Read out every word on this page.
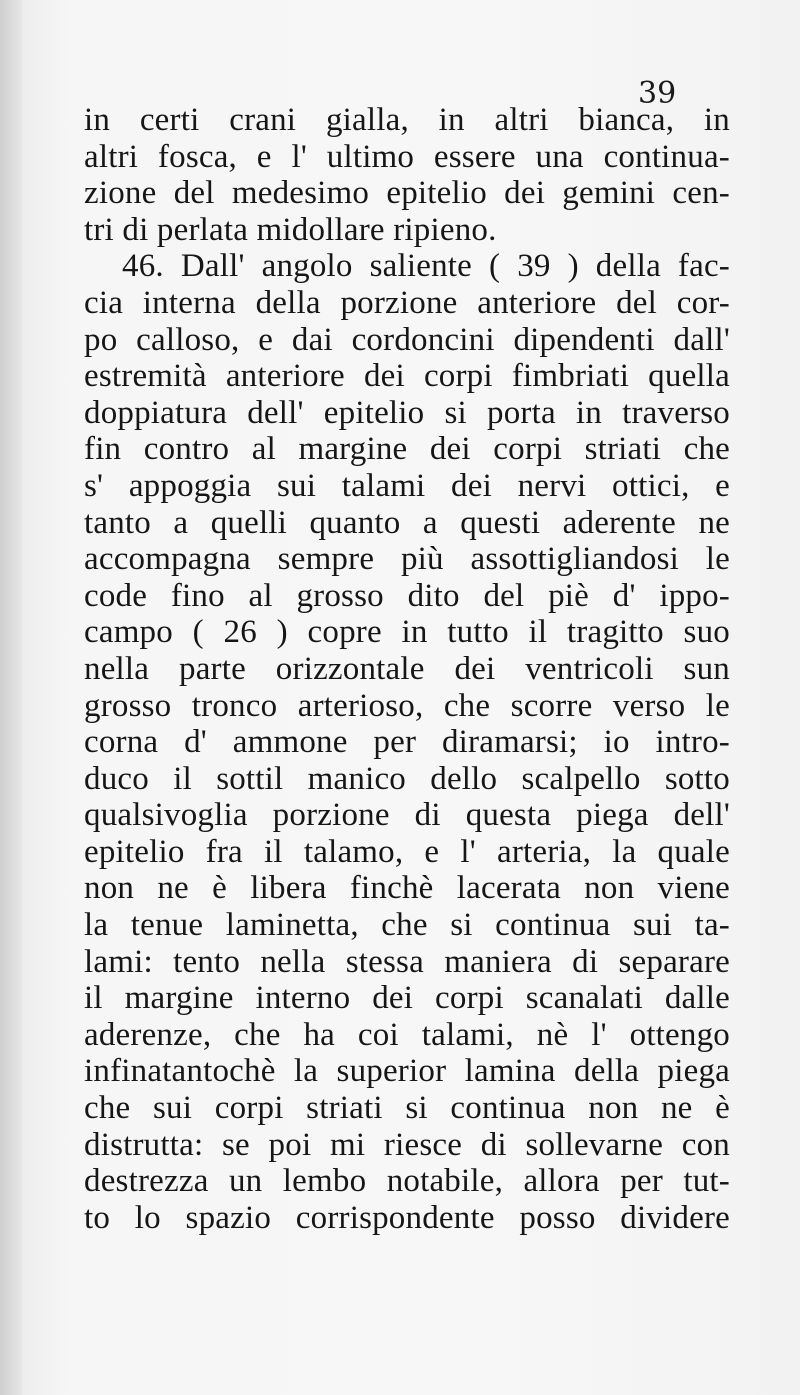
39

in certi crani gialla, in altri bianca, in
altri fosca, e l' ultimo essere una continua-
zione del medesimo epitelio dei gemini cen-
tri di perlata midollare ripieno.
46. Dall' angolo saliente ( 39 ) della fac-
cia interna della porzione anteriore del cor-
po calloso, e dai cordoncini dipendenti dall'
estremità anteriore dei corpi fimbriati quella
doppiatura dell' epitelio si porta in traverso
fin contro al margine dei corpi striati che
s' appoggia sui talami dei nervi ottici, e
tanto a quelli quanto a questi aderente ne
accompagna sempre più assottigliandosi le
code fino al grosso dito del piè d' ippo-
campo ( 26 ) copre in tutto il tragitto suo
nella parte orizzontale dei ventricoli sun
grosso tronco arterioso, che scorre verso le
corna d' ammone per diramarsi; io intro-
duco il sottil manico dello scalpello sotto
qualsivoglia porzione di questa piega dell'
epitelio fra il talamo, e l' arteria, la quale
non ne è libera finchè lacerata non viene
la tenue laminetta, che si continua sui ta-
lami: tento nella stessa maniera di separare
il margine interno dei corpi scanalati dalle
aderenze, che ha coi talami, nè l' ottengo
infinatantochè la superior lamina della piega
che sui corpi striati si continua non ne è
distrutta: se poi mi riesce di sollevarne con
destrezza un lembo notabile, allora per tut-
to lo spazio corrispondente posso dividere
